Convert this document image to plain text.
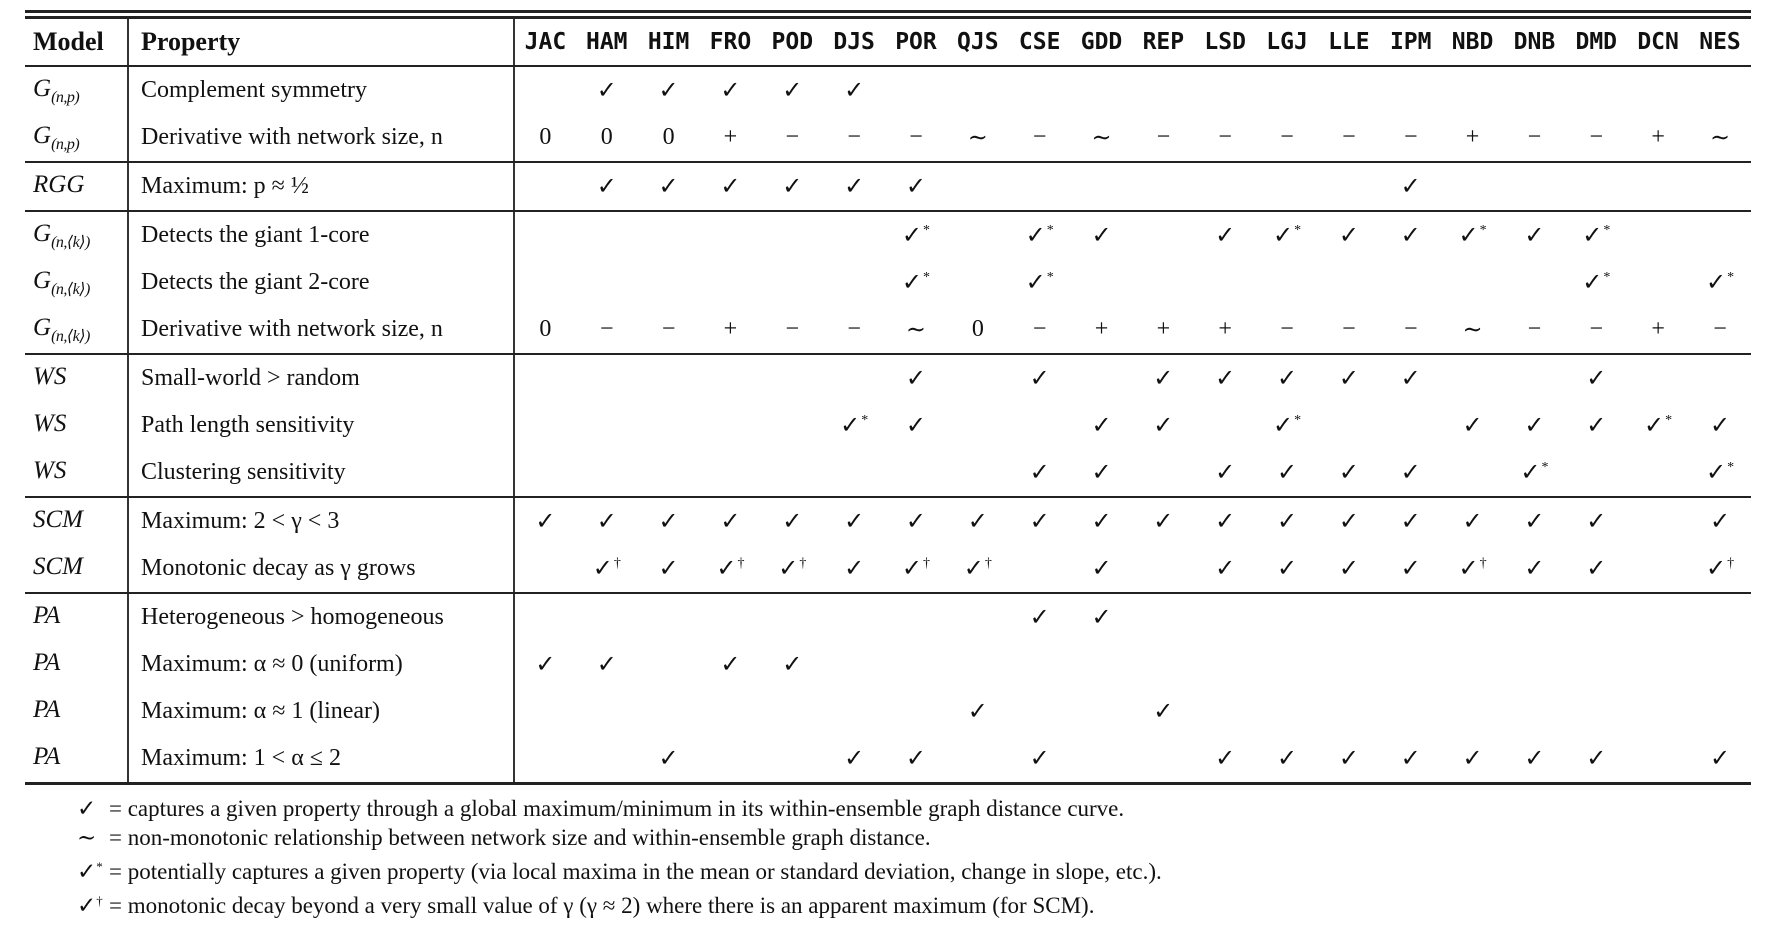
Model	Property	JAC	HAM	HIM	FRO	POD	DJS	POR	QJS	CSE	GDD	REP	LSD	LGJ	LLE	IPM	NBD	DNB	DMD	DCN	NES
$G_{(n,p)}$	Complement symmetry		✓	✓	✓	✓	✓														
$G_{(n,p)}$	Derivative with network size, n	0	0	0	+	−	−	−	∼	−	∼	−	−	−	−	−	+	−	−	+	∼
RGG	Maximum: p ≈ ½		✓	✓	✓	✓	✓	✓								✓					
$G_{(n,⟨k⟩)}$	Detects the giant 1-core							✓*		✓*	✓		✓	✓*	✓	✓	✓*	✓	✓*		
$G_{(n,⟨k⟩)}$	Detects the giant 2-core							✓*		✓*									✓*		✓*
$G_{(n,⟨k⟩)}$	Derivative with network size, n	0	−	−	+	−	−	∼	0	−	+	+	+	−	−	−	∼	−	−	+	−
WS	Small-world > random							✓		✓		✓	✓	✓	✓	✓			✓		
WS	Path length sensitivity						✓*	✓			✓	✓		✓*			✓	✓	✓	✓*	✓
WS	Clustering sensitivity									✓	✓		✓	✓	✓	✓		✓*			✓*
SCM	Maximum: 2 < γ < 3	✓	✓	✓	✓	✓	✓	✓	✓	✓	✓	✓	✓	✓	✓	✓	✓	✓	✓		✓
SCM	Monotonic decay as γ grows		✓†	✓	✓†	✓†	✓	✓†	✓†		✓		✓	✓	✓	✓	✓†	✓	✓		✓†
PA	Heterogeneous > homogeneous									✓	✓										
PA	Maximum: α ≈ 0 (uniform)	✓	✓		✓	✓															
PA	Maximum: α ≈ 1 (linear)								✓			✓									
PA	Maximum: 1 < α ≤ 2			✓			✓	✓		✓			✓	✓	✓	✓	✓	✓	✓		✓
✓ = captures a given property through a global maximum/minimum in its within-ensemble graph distance curve.
∼ = non-monotonic relationship between network size and within-ensemble graph distance.
✓* = potentially captures a given property (via local maxima in the mean or standard deviation, change in slope, etc.).
✓† = monotonic decay beyond a very small value of γ (γ ≈ 2) where there is an apparent maximum (for SCM).
